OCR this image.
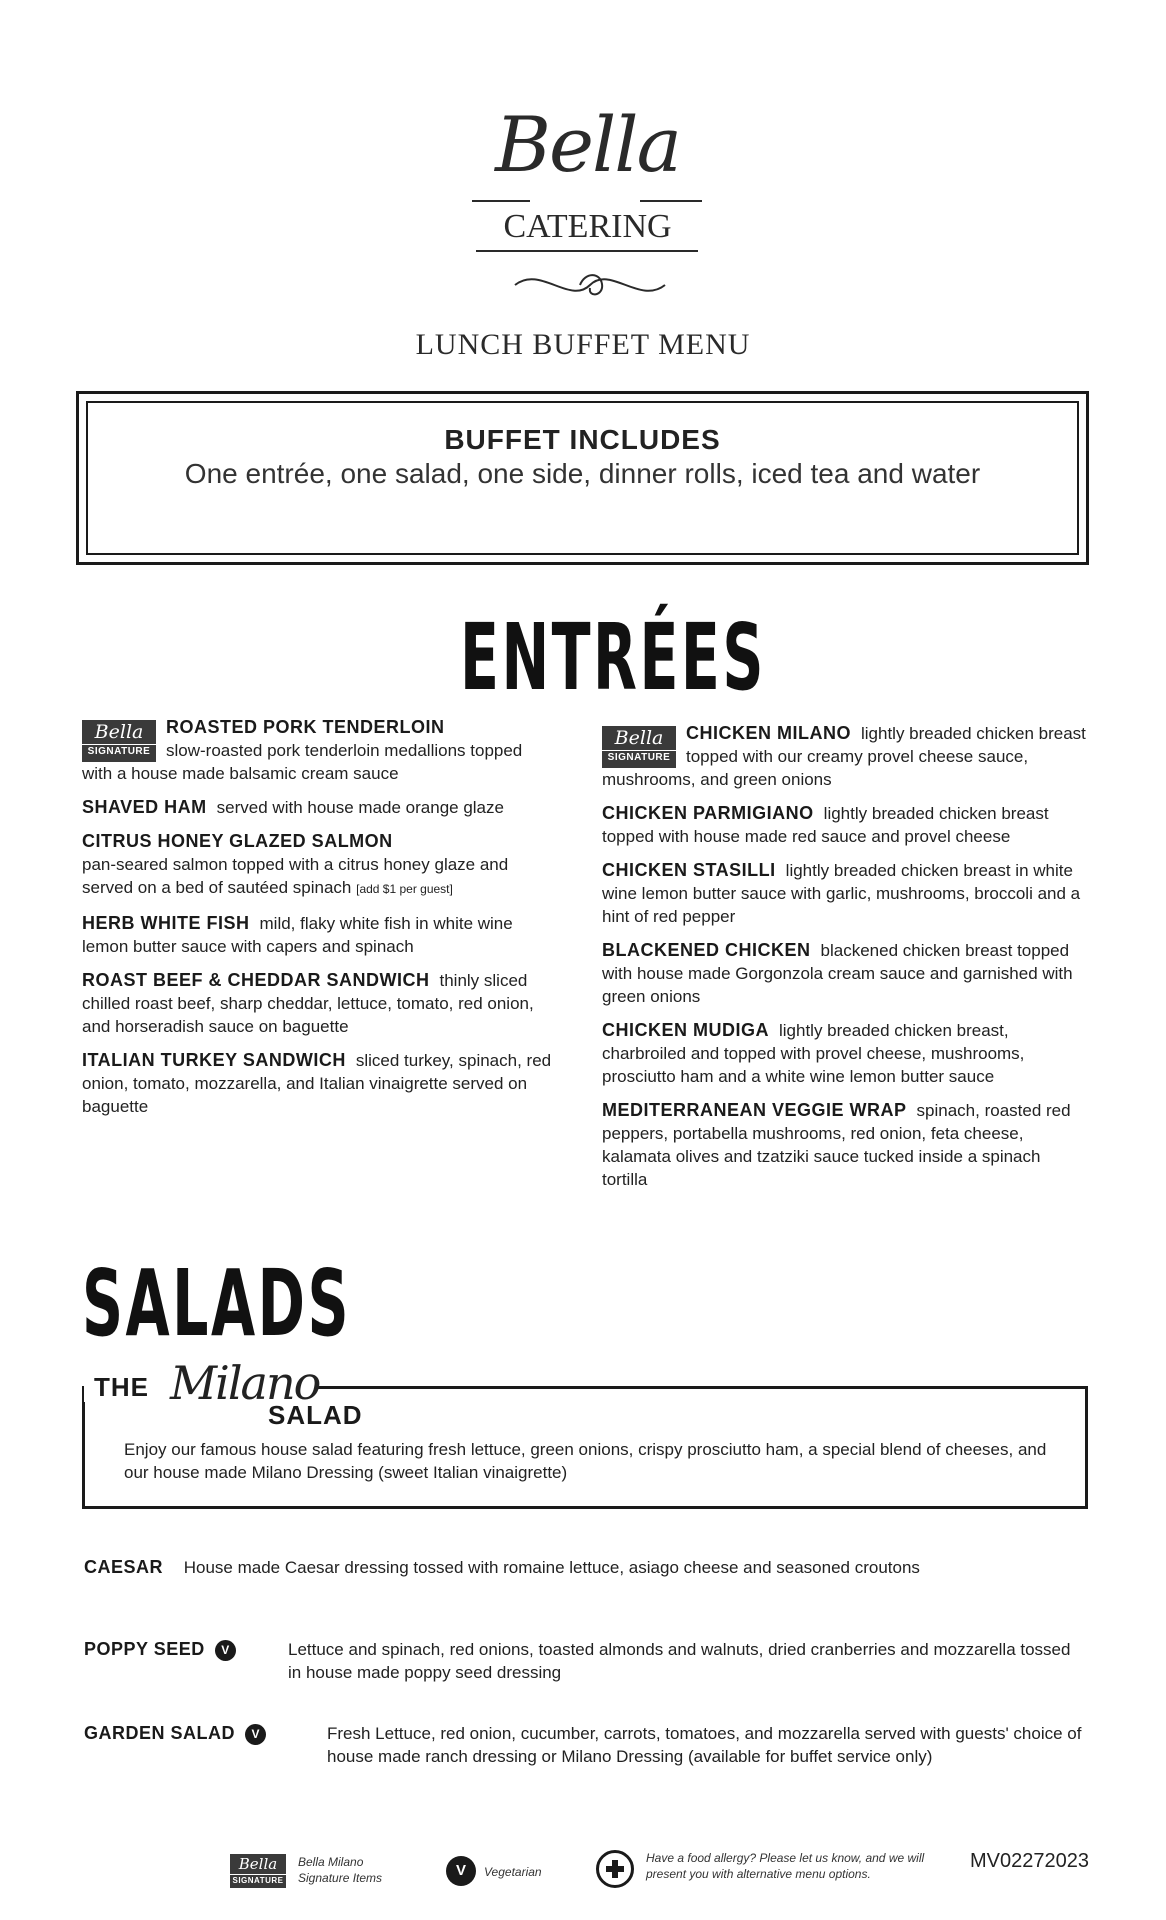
Bella
CATERING
LUNCH BUFFET MENU
BUFFET INCLUDES
One entrée, one salad, one side, dinner rolls, iced tea and water
ENTRÉES
Bella
SIGNATURE
ROASTED PORK TENDERLOIN
slow-roasted pork tenderloin medallions topped with a house made balsamic cream sauce
SHAVED HAM served with house made orange glaze
CITRUS HONEY GLAZED SALMON
pan-seared salmon topped with a citrus honey glaze and served on a bed of sautéed spinach [add $1 per guest]
HERB WHITE FISH mild, flaky white fish in white wine lemon butter sauce with capers and spinach
ROAST BEEF & CHEDDAR SANDWICH thinly sliced chilled roast beef, sharp cheddar, lettuce, tomato, red onion, and horseradish sauce on baguette
ITALIAN TURKEY SANDWICH sliced turkey, spinach, red onion, tomato, mozzarella, and Italian vinaigrette served on baguette
Bella
SIGNATURE
CHICKEN MILANO lightly breaded chicken breast topped with our creamy provel cheese sauce, mushrooms, and green onions
CHICKEN PARMIGIANO lightly breaded chicken breast topped with house made red sauce and provel cheese
CHICKEN STASILLI lightly breaded chicken breast in white wine lemon butter sauce with garlic, mushrooms, broccoli and a hint of red pepper
BLACKENED CHICKEN blackened chicken breast topped with house made Gorgonzola cream sauce and garnished with green onions
CHICKEN MUDIGA lightly breaded chicken breast, charbroiled and topped with provel cheese, mushrooms, prosciutto ham and a white wine lemon butter sauce
MEDITERRANEAN VEGGIE WRAP spinach, roasted red peppers, portabella mushrooms, red onion, feta cheese, kalamata olives and tzatziki sauce tucked inside a spinach tortilla
SALADS
THE Milano
SALAD
Enjoy our famous house salad featuring fresh lettuce, green onions, crispy prosciutto ham, a special blend of cheeses, and our house made Milano Dressing (sweet Italian vinaigrette)
CAESAR House made Caesar dressing tossed with romaine lettuce, asiago cheese and seasoned croutons
POPPY SEED V	Lettuce and spinach, red onions, toasted almonds and walnuts, dried cranberries and mozzarella tossed in house made poppy seed dressing
GARDEN SALAD V	Fresh Lettuce, red onion, cucumber, carrots, tomatoes, and mozzarella served with guests' choice of house made ranch dressing or Milano Dressing (available for buffet service only)
Bella
SIGNATURE
Bella Milano Signature Items	V	Vegetarian
Have a food allergy? Please let us know, and we will present you with alternative menu options.
MV02272023
